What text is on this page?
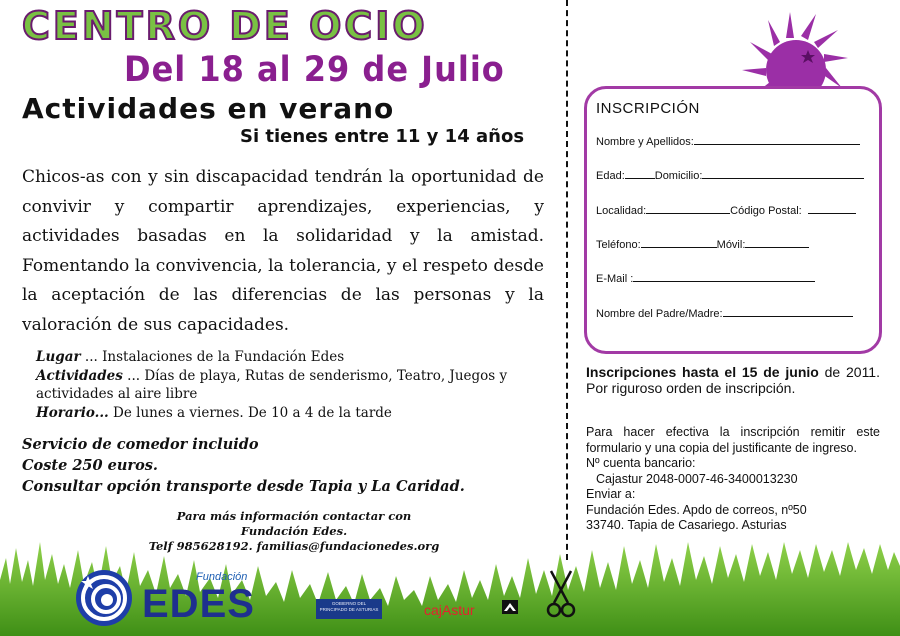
CENTRO DE OCIO
Del 18 al 29 de Julio
Actividades en verano
Si tienes entre 11 y 14 años
Chicos-as con y sin discapacidad tendrán la oportunidad de convivir y compartir aprendizajes, experiencias, y actividades basadas en la solidaridad y la amistad. Fomentando la convivencia, la tolerancia, y el respeto desde la aceptación de las diferencias de las personas y la valoración de sus capacidades.

Lugar ... Instalaciones de la Fundación Edes

Actividades ... Días de playa, Rutas de senderismo, Teatro, Juegos y actividades al aire libre

Horario... De lunes a viernes. De 10 a 4 de la tarde

Servicio de comedor incluido
Coste 250 euros.
Consultar opción transporte desde Tapia y La Caridad.
Para más información contactar con
Fundación Edes.
Telf 985628192. familias@fundacionedes.org
INSCRIPCIÓN
Nombre y Apellidos:
Edad:	Domicilio:
Localidad:	Código Postal:
Teléfono:	Móvil:
E-Mail :
Nombre del Padre/Madre:
Inscripciones hasta el 15 de junio de 2011. Por riguroso orden de inscripción.

Para hacer efectiva la inscripción remitir este formulario y una copia del justificante de ingreso.

Nº cuenta bancario:

Cajastur 2048-0007-46-3400013230

Enviar a:

Fundación Edes. Apdo de correos, nº50

33740. Tapia de Casariego. Asturias

Fundación
EDES	GOBIERNO DEL PRINCIPADO DE ASTURIAS	cajAstur
